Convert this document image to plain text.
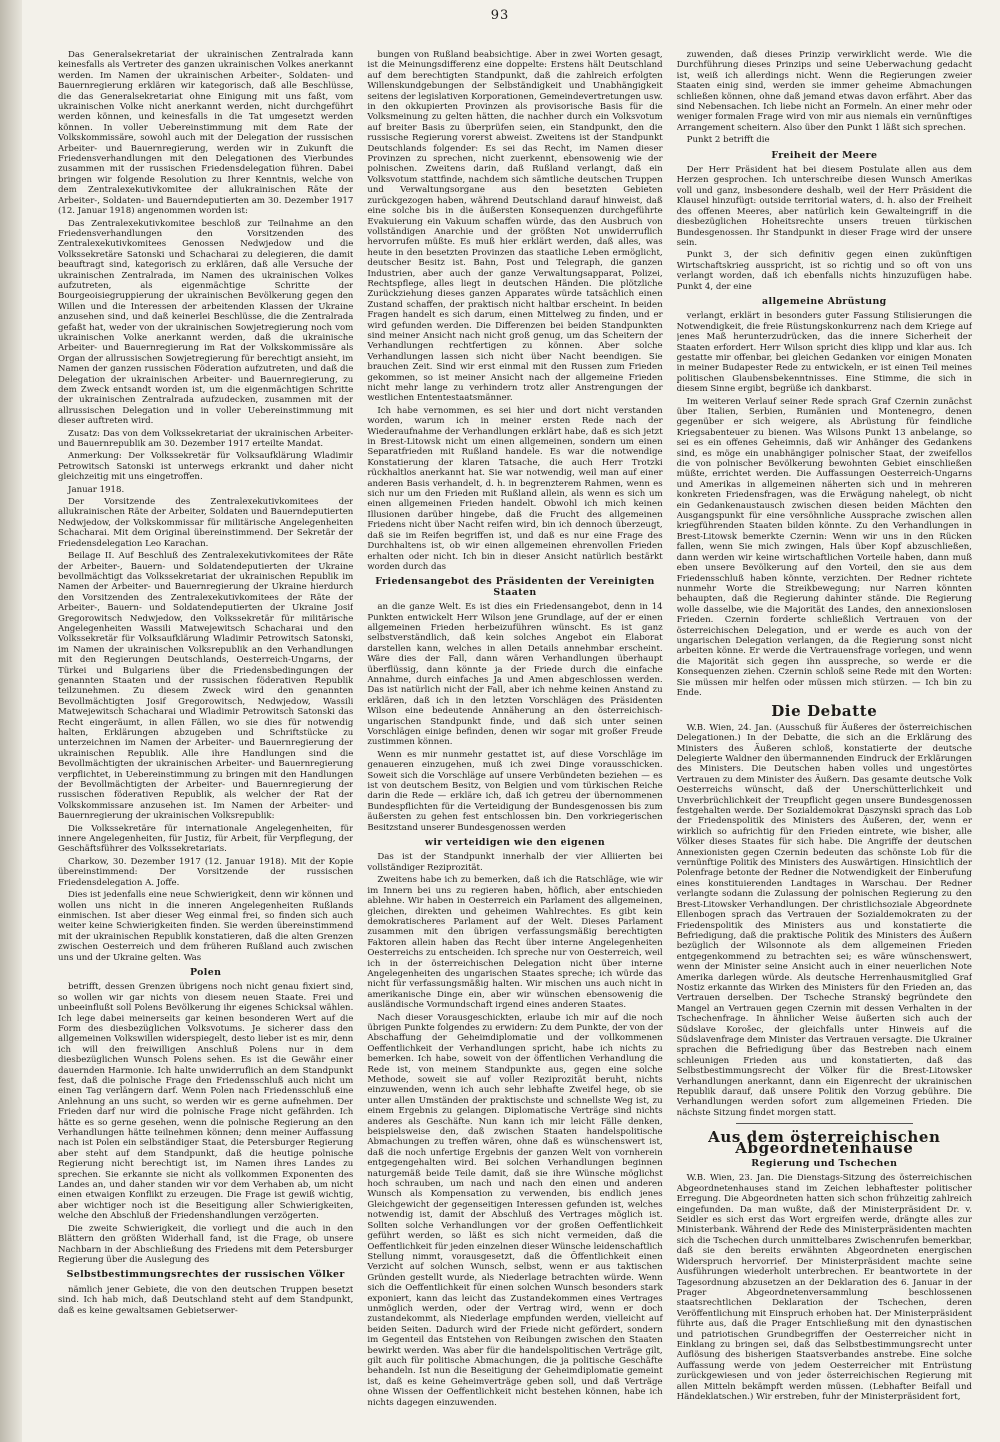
93

Das Generalsekretariat der ukrainischen Zentralrada kann keinesfalls als Vertreter des ganzen ukrainischen Volkes anerkannt werden. Im Namen der ukrainischen Arbeiter-, Soldaten- und Bauernregierung erklären wir kategorisch, daß alle Beschlüsse, die das Generalsekretariat ohne Einigung mit uns faßt, vom ukrainischen Volke nicht anerkannt werden, nicht durchgeführt werden können, und keinesfalls in die Tat umgesetzt werden können. In voller Uebereinstimmung mit dem Rate der Volkskommissäre, sowohl auch mit der Delegation der russischen Arbeiter- und Bauernregierung, werden wir in Zukunft die Friedensverhandlungen mit den Delegationen des Vierbundes zusammen mit der russischen Friedensdelegation führen. Dabei bringen wir folgende Resolution zu Ihrer Kenntnis, welche von dem Zentralexekutivkomitee der allukrainischen Räte der Arbeiter-, Soldaten- und Bauerndeputierten am 30. Dezember 1917 (12. Januar 1918) angenommen worden ist:

Das Zentralexekutivkomitee beschloß zur Teilnahme an den Friedensverhandlungen den Vorsitzenden des Zentralexekutivkomitees Genossen Nedwjedow und die Volkssekretäre Satonski und Schacharai zu delegieren, die damit beauftragt sind, kategorisch zu erklären, daß alle Versuche der ukrainischen Zentralrada, im Namen des ukrainischen Volkes aufzutreten, als eigenmächtige Schritte der Bourgeoisiegruppierung der ukrainischen Bevölkerung gegen den Willen und die Interessen der arbeitenden Klassen der Ukraine anzusehen sind, und daß keinerlei Beschlüsse, die die Zentralrada gefaßt hat, weder von der ukrainischen Sowjetregierung noch vom ukrainischen Volke anerkannt werden, daß die ukrainische Arbeiter- und Bauernregierung im Rat der Volkskommissäre als Organ der allrussischen Sowjetregierung für berechtigt ansieht, im Namen der ganzen russischen Föderation aufzutreten, und daß die Delegation der ukrainischen Arbeiter- und Bauernregierung, zu dem Zweck entsandt worden ist, um die eigenmächtigen Schritte der ukrainischen Zentralrada aufzudecken, zusammen mit der allrussischen Delegation und in voller Uebereinstimmung mit dieser auftreten wird.

Zusatz: Das von dem Volkssekretariat der ukrainischen Arbeiter- und Bauernrepublik am 30. Dezember 1917 erteilte Mandat.

Anmerkung: Der Volkssekretär für Volksaufklärung Wladimir Petrowitsch Satonski ist unterwegs erkrankt und daher nicht gleichzeitig mit uns eingetroffen.

Januar 1918.

Der Vorsitzende des Zentralexekutivkomitees der allukrainischen Räte der Arbeiter, Soldaten und Bauerndeputierten Nedwjedow, der Volkskommissar für militärische Angelegenheiten Schacharai. Mit dem Original übereinstimmend. Der Sekretär der Friedensdelegation Leo Karachan.

Beilage II. Auf Beschluß des Zentralexekutivkomitees der Räte der Arbeiter-, Bauern- und Soldatendeputierten der Ukraine bevollmächtigt das Volkssekretariat der ukrainischen Republik im Namen der Arbeiter- und Bauernregierung der Ukraine hierdurch den Vorsitzenden des Zentralexekutivkomitees der Räte der Arbeiter-, Bauern- und Soldatendeputierten der Ukraine Josif Gregorowitsch Nedwjedow, den Volkssekretär für militärische Angelegenheiten Wassili Matwejewitsch Schacharai und den Volkssekretär für Volksaufklärung Wladimir Petrowitsch Satonski, im Namen der ukrainischen Volksrepublik an den Verhandlungen mit den Regierungen Deutschlands, Oesterreich-Ungarns, der Türkei und Bulgariens über die Friedensbedingungen der genannten Staaten und der russischen föderativen Republik teilzunehmen. Zu diesem Zweck wird den genannten Bevollmächtigten Josif Gregorowitsch, Nedwjedow, Wassili Matwejewitsch Schacharai und Wladimir Petrowitsch Satonski das Recht eingeräumt, in allen Fällen, wo sie dies für notwendig halten, Erklärungen abzugeben und Schriftstücke zu unterzeichnen im Namen der Arbeiter- und Bauernregierung der ukrainischen Republik. Alle ihre Handlungen sind die Bevollmächtigten der ukrainischen Arbeiter- und Bauernregierung verpflichtet, in Uebereinstimmung zu bringen mit den Handlungen der Bevollmächtigten der Arbeiter- und Bauernregierung der russischen föderativen Republik, als welcher der Rat der Volkskommissare anzusehen ist. Im Namen der Arbeiter- und Bauernregierung der ukrainischen Volksrepublik:

Die Volkssekretäre für internationale Angelegenheiten, für innere Angelegenheiten, für Justiz, für Arbeit, für Verpflegung, der Geschäftsführer des Volkssekretariats.

Charkow, 30. Dezember 1917 (12. Januar 1918). Mit der Kopie übereinstimmend: Der Vorsitzende der russischen Friedensdelegation A. Joffe.

Dies ist jedenfalls eine neue Schwierigkeit, denn wir können und wollen uns nicht in die inneren Angelegenheiten Rußlands einmischen. Ist aber dieser Weg einmal frei, so finden sich auch weiter keine Schwierigkeiten finden. Sie werden übereinstimmend mit der ukrainischen Republik konstatieren, daß die alten Grenzen zwischen Oesterreich und dem früheren Rußland auch zwischen uns und der Ukraine gelten. Was

Polen

betrifft, dessen Grenzen übrigens noch nicht genau fixiert sind, so wollen wir gar nichts von diesem neuen Staate. Frei und unbeeinflußt soll Polens Bevölkerung ihr eigenes Schicksal wählen. Ich lege dabei meinerseits gar keinen besonderen Wert auf die Form des diesbezüglichen Volksvotums. Je sicherer dass den allgemeinen Volkswillen widerspiegelt, desto lieber ist es mir, denn ich will den freiwilligen Anschluß Polens nur in dem diesbezüglichen Wunsch Polens sehen. Es ist die Gewähr einer dauernden Harmonie. Ich halte unwiderruflich an dem Standpunkt fest, daß die polnische Frage den Friedensschluß auch nicht um einen Tag verlängern darf. Wenn Polen nach Friedensschluß eine Anlehnung an uns sucht, so werden wir es gerne aufnehmen. Der Frieden darf nur wird die polnische Frage nicht gefährden. Ich hätte es so gerne gesehen, wenn die polnische Regierung an den Verhandlungen hätte teilnehmen können; denn meiner Auffassung nach ist Polen ein selbständiger Staat, die Petersburger Regierung aber steht auf dem Standpunkt, daß die heutige polnische Regierung nicht berechtigt ist, im Namen ihres Landes zu sprechen. Sie erkannte sie nicht als vollkommen Exponenten des Landes an, und daher standen wir vor dem Verhaben ab, um nicht einen etwaigen Konflikt zu erzeugen. Die Frage ist gewiß wichtig, aber wichtiger noch ist die Beseitigung aller Schwierigkeiten, welche den Abschluß der Friedenshandlungen verzögerten.

Die zweite Schwierigkeit, die vorliegt und die auch in den Blättern den größten Widerhall fand, ist die Frage, ob unsere Nachbarn in der Abschließung des Friedens mit dem Petersburger Regierung über die Auslegung des

Selbstbestimmungsrechtes der russischen Völker

nämlich jener Gebiete, die von den deutschen Truppen besetzt sind. Ich hab mich, daß Deutschland steht auf dem Standpunkt, daß es keine gewaltsamen Gebietserwer-

bungen von Rußland beabsichtige. Aber in zwei Worten gesagt, ist die Meinungsdifferenz eine doppelte: Erstens hält Deutschland auf dem berechtigten Standpunkt, daß die zahlreich erfolgten Willenskundgebungen der Selbständigkeit und Unabhängigkeit seitens der legislativen Korporationen, Gemeindevertretungen usw. in den okkupierten Provinzen als provisorische Basis für die Volksmeinung zu gelten hätten, die nachher durch ein Volksvotum auf breiter Basis zu überprüfen seien, ein Standpunkt, den die russische Regierung vorerst abweist. Zweitens ist der Standpunkt Deutschlands folgender: Es sei das Recht, im Namen dieser Provinzen zu sprechen, nicht zuerkennt, ebensowenig wie der polnischen. Zweitens darin, daß Rußland verlangt, daß ein Volksvotum stattfinde, nachdem sich sämtliche deutschen Truppen und Verwaltungsorgane aus den besetzten Gebieten zurückgezogen haben, während Deutschland darauf hinweist, daß eine solche bis in die äußersten Konsequenzen durchgeführte Evakuierung ein Vakuum schaffen würde, das den Ausbruch von vollständigen Anarchie und der größten Not unwiderruflich hervorrufen müßte. Es muß hier erklärt werden, daß alles, was heute in den besetzten Provinzen das staatliche Leben ermöglicht, deutscher Besitz ist. Bahn, Post und Telegraph, die ganzen Industrien, aber auch der ganze Verwaltungsapparat, Polizei, Rechtspflege, alles liegt in deutschen Händen. Die plötzliche Zurückziehung dieses ganzen Apparates würde tatsächlich einen Zustand schaffen, der praktisch nicht haltbar erscheint. In beiden Fragen handelt es sich darum, einen Mittelweg zu finden, und er wird gefunden werden. Die Differenzen bei beiden Standpunkten sind meiner Ansicht nach nicht groß genug, um das Scheitern der Verhandlungen rechtfertigen zu können. Aber solche Verhandlungen lassen sich nicht über Nacht beendigen. Sie brauchen Zeit. Sind wir erst einmal mit den Russen zum Frieden gekommen, so ist meiner Ansicht nach der allgemeine Frieden nicht mehr lange zu verhindern trotz aller Anstrengungen der westlichen Ententestaatsmänner.

Ich habe vernommen, es sei hier und dort nicht verstanden worden, warum ich in meiner ersten Rede nach der Wiederaufnahme der Verhandlungen erklärt habe, daß es sich jetzt in Brest-Litowsk nicht um einen allgemeinen, sondern um einen Separatfrieden mit Rußland handele. Es war die notwendige Konstatierung der klaren Tatsache, die auch Herr Trotzki rückhaltlos anerkannt hat. Sie war notwendig, weil man auf einer anderen Basis verhandelt, d. h. in begrenzterem Rahmen, wenn es sich nur um den Frieden mit Rußland allein, als wenn es sich um einen allgemeinen Frieden handelt. Obwohl ich mich keinen Illusionen darüber hingebe, daß die Frucht des allgemeinen Friedens nicht über Nacht reifen wird, bin ich dennoch überzeugt, daß sie im Reifen begriffen ist, und daß es nur eine Frage des Durchhaltens ist, ob wir einen allgemeinen ehrenvollen Frieden erhalten oder nicht. Ich bin in dieser Ansicht natürlich bestärkt worden durch das

Friedensangebot des Präsidenten der Vereinigten Staaten

an die ganze Welt. Es ist dies ein Friedensangebot, denn in 14 Punkten entwickelt Herr Wilson jene Grundlage, auf der er einen allgemeinen Frieden herbeizuführen wünscht. Es ist ganz selbstverständlich, daß kein solches Angebot ein Elaborat darstellen kann, welches in allen Details annehmbar erscheint. Wäre dies der Fall, dann wären Verhandlungen überhaupt überflüssig, dann könnte ja der Friede durch die einfache Annahme, durch einfaches Ja und Amen abgeschlossen werden. Das ist natürlich nicht der Fall, aber ich nehme keinen Anstand zu erklären, daß ich in den letzten Vorschlägen des Präsidenten Wilson eine bedeutende Annäherung an den österreichisch-ungarischen Standpunkt finde, und daß sich unter seinen Vorschlägen einige befinden, denen wir sogar mit großer Freude zustimmen können.

Wenn es mir nunmehr gestattet ist, auf diese Vorschläge im genaueren einzugehen, muß ich zwei Dinge vorausschicken. Soweit sich die Vorschläge auf unsere Verbündeten beziehen — es ist von deutschem Besitz, von Belgien und vom türkischen Reiche darin die Rede — erkläre ich, daß ich getreu der übernommenen Bundespflichten für die Verteidigung der Bundesgenossen bis zum äußersten zu gehen fest entschlossen bin. Den vorkriegerischen Besitzstand unserer Bundesgenossen werden

wir verteidigen wie den eigenen

Das ist der Standpunkt innerhalb der vier Alliierten bei vollständiger Reziprozität.

Zweitens habe ich zu bemerken, daß ich die Ratschläge, wie wir im Innern bei uns zu regieren haben, höflich, aber entschieden ablehne. Wir haben in Oesterreich ein Parlament des allgemeinen, gleichen, direkten und geheimen Wahlrechtes. Es gibt kein demokratischeres Parlament auf der Welt. Dieses Parlament zusammen mit den übrigen verfassungsmäßig berechtigten Faktoren allein haben das Recht über interne Angelegenheiten Oesterreichs zu entscheiden. Ich spreche nur von Oesterreich, weil ich in der österreichischen Delegation nicht über interne Angelegenheiten des ungarischen Staates spreche; ich würde das nicht für verfassungsmäßig halten. Wir mischen uns auch nicht in amerikanische Dinge ein, aber wir wünschen ebensowenig die ausländische Vormundschaft irgend eines anderen Staates.

Nach dieser Vorausgeschickten, erlaube ich mir auf die noch übrigen Punkte folgendes zu erwidern: Zu dem Punkte, der von der Abschaffung der Geheimdiplomatie und der vollkommenen Oeffentlichkeit der Verhandlungen spricht, habe ich nichts zu bemerken. Ich habe, soweit von der öffentlichen Verhandlung die Rede ist, von meinem Standpunkte aus, gegen eine solche Methode, soweit sie auf voller Reziprozität beruht, nichts einzuwenden, wenn ich auch sehr lebhafte Zweifel hege, ob sie unter allen Umständen der praktischste und schnellste Weg ist, zu einem Ergebnis zu gelangen. Diplomatische Verträge sind nichts anderes als Geschäfte. Nun kann ich mir leicht Fälle denken, beispielsweise den, daß zwischen Staaten handelspolitische Abmachungen zu treffen wären, ohne daß es wünschenswert ist, daß die noch unfertige Ergebnis der ganzen Welt von vornherein entgegengehalten wird. Bei solchen Verhandlungen beginnen naturgemäß beide Teile damit, daß sie ihre Wünsche möglichst hoch schrauben, um nach und nach den einen und anderen Wunsch als Kompensation zu verwenden, bis endlich jenes Gleichgewicht der gegenseitigen Interessen gefunden ist, welches notwendig ist, damit der Abschluß des Vertrages möglich ist. Sollten solche Verhandlungen vor der großen Oeffentlichkeit geführt werden, so läßt es sich nicht vermeiden, daß die Oeffentlichkeit für jeden einzelnen dieser Wünsche leidenschaftlich Stellung nimmt, vorausgesetzt, daß die Öffentlichkeit einen Verzicht auf solchen Wunsch, selbst, wenn er aus taktischen Gründen gestellt wurde, als Niederlage betrachten würde. Wenn sich die Oeffentlichkeit für einen solchen Wunsch besonders stark exponiert, kann das leicht das Zustandekommen eines Vertrages unmöglich werden, oder der Vertrag wird, wenn er doch zustandekommt, als Niederlage empfunden werden, vielleicht auf beiden Seiten. Dadurch wird der Friede nicht gefördert, sondern im Gegenteil das Entstehen von Reibungen zwischen den Staaten bewirkt werden. Was aber für die handelspolitischen Verträge gilt, gilt auch für politische Abmachungen, die ja politische Geschäfte behandeln. Ist nun die Beseitigung der Geheimdiplomatie gemeint ist, daß es keine Geheimverträge geben soll, und daß Verträge ohne Wissen der Oeffentlichkeit nicht bestehen können, habe ich nichts dagegen einzuwenden.

zuwenden, daß dieses Prinzip verwirklicht werde. Wie die Durchführung dieses Prinzips und seine Ueberwachung gedacht ist, weiß ich allerdings nicht. Wenn die Regierungen zweier Staaten einig sind, werden sie immer geheime Abmachungen schließen können, ohne daß jemand etwas davon erfährt. Aber das sind Nebensachen. Ich liebe nicht an Formeln. An einer mehr oder weniger formalen Frage wird von mir aus niemals ein vernünftiges Arrangement scheitern. Also über den Punkt 1 läßt sich sprechen.

Punkt 2 betrifft die

Freiheit der Meere

Der Herr Präsident hat bei diesem Postulate allen aus dem Herzen gesprochen. Ich unterschreibe diesen Wunsch Amerikas voll und ganz, insbesondere deshalb, weil der Herr Präsident die Klausel hinzufügt: outside territorial waters, d. h. also der Freiheit des offenen Meeres, aber natürlich kein Gewalteingriff in die diesbezüglichen Hoheitsrechte unsers treuen türkischen Bundesgenossen. Ihr Standpunkt in dieser Frage wird der unsere sein.

Punkt 3, der sich definitiv gegen einen zukünftigen Wirtschaftskrieg ausspricht, ist so richtig und so oft von uns verlangt worden, daß ich ebenfalls nichts hinzuzufügen habe. Punkt 4, der eine

allgemeine Abrüstung

verlangt, erklärt in besonders guter Fassung Stilisierungen die Notwendigkeit, die freie Rüstungskonkurrenz nach dem Kriege auf jenes Maß herunterzudrücken, das die innere Sicherheit der Staaten erfordert. Herr Wilson spricht dies klipp und klar aus. Ich gestatte mir offenbar, bei gleichen Gedanken vor einigen Monaten in meiner Budapester Rede zu entwickeln, er ist einen Teil meines politischen Glaubensbekenntnisses. Eine Stimme, die sich in diesem Sinne ergibt, begrüße ich dankbarst.

Im weiteren Verlauf seiner Rede sprach Graf Czernin zunächst über Italien, Serbien, Rumänien und Montenegro, denen gegenüber er sich weigere, als Abrüstung für feindliche Kriegsabenteuer zu bienen. Was Wilsons Punkt 13 anbelange, so sei es ein offenes Geheimnis, daß wir Anhänger des Gedankens sind, es möge ein unabhängiger polnischer Staat, der zweifellos die von polnischer Bevölkerung bewohnten Gebiet einschließen müßte, errichtet werden. Die Auffassungen Oesterreich-Ungarns und Amerikas in allgemeinen näherten sich und in mehreren konkreten Friedensfragen, was die Erwägung nahelegt, ob nicht ein Gedankenaustausch zwischen diesen beiden Mächten den Ausgangspunkt für eine versöhnliche Aussprache zwischen allen kriegführenden Staaten bilden könnte. Zu den Verhandlungen in Brest-Litowsk bemerkte Czernin: Wenn wir uns in den Rücken fallen, wenn Sie mich zwingen, Hals über Kopf abzuschließen, dann werden wir keine wirtschaftlichen Vorteile haben, dann muß eben unsere Bevölkerung auf den Vorteil, den sie aus dem Friedensschluß haben könnte, verzichten. Der Redner richtete nunmehr Worte die Streikbewegung; nur Narren könnten behaupten, daß die Regierung dahinter stände. Die Regierung wolle dasselbe, wie die Majorität des Landes, den annexionslosen Frieden. Czernin forderte schließlich Vertrauen von der österreichischen Delegation, und er werde es auch von der ungarischen Delegation verlangen, da die Regierung sonst nicht arbeiten könne. Er werde die Vertrauensfrage vorlegen, und wenn die Majorität sich gegen ihn ausspreche, so werde er die Konsequenzen ziehen. Czernin schloß seine Rede mit den Worten: Sie müssen mir helfen oder müssen mich stürzen. — Ich bin zu Ende.

Die Debatte

W.B. Wien, 24. Jan. (Ausschuß für Äußeres der österreichischen Delegationen.) In der Debatte, die sich an die Erklärung des Ministers des Äußeren schloß, konstatierte der deutsche Delegierte Waldner den übermannenden Eindruck der Erklärungen des Ministers. Die Deutschen haben volles und ungestörtes Vertrauen zu dem Minister des Äußern. Das gesamte deutsche Volk Oesterreichs wünscht, daß der Unerschütterlichkeit und Unverbrüchlichkeit der Treupflicht gegen unsere Bundesgenossen festgehalten werde. Der Sozialdemokrat Daszynski sprach das Lob der Friedenspolitik des Ministers des Äußeren, der, wenn er wirklich so aufrichtig für den Frieden eintrete, wie bisher, alle Völker dieses Staates für sich habe. Die Angriffe der deutschen Annexionisten gegen Czernin bedeuten das schönste Lob für die vernünftige Politik des Ministers des Auswärtigen. Hinsichtlich der Polenfrage betonte der Redner die Notwendigkeit der Einberufung eines konstituierenden Landtages in Warschau. Der Redner verlangte sodann die Zulassung der polnischen Regierung zu den Brest-Litowsker Verhandlungen. Der christlichsoziale Abgeordnete Ellenbogen sprach das Vertrauen der Sozialdemokraten zu der Friedenspolitik des Ministers aus und konstatierte die Befriedigung, daß die praktische Politik des Ministers des Äußern bezüglich der Wilsonnote als dem allgemeinen Frieden entgegenkommend zu betrachten sei; es wäre wünschenswert, wenn der Minister seine Ansicht auch in einer neuerlichen Note Amerika darlegen würde. Als deutsche Herrenhausmitglied Graf Nostiz erkannte das Wirken des Ministers für den Frieden an, das Vertrauen derselben. Der Tscheche Stranský begründete den Mangel an Vertrauen gegen Czernin mit dessen Verhalten in der Tschechenfrage. In ähnlicher Weise äußerten sich auch der Südslave Korošec, der gleichfalls unter Hinweis auf die Südslavenfrage dem Minister das Vertrauen versagte. Die Ukrainer sprachen die Befriedigung über das Bestreben nach einem schleunigen Frieden aus und konstatierten, daß das Selbstbestimmungsrecht der Völker für die Brest-Litowsker Verhandlungen anerkannt, dann ein Eigenrecht der ukrainischen Republik darauf, daß unsere Politik den Vorzug gebühre. Die Verhandlungen werden sofort zum allgemeinen Frieden. Die nächste Sitzung findet morgen statt.

Aus dem österreichischen Abgeordnetenhause
Regierung und Tschechen

W.B. Wien, 23. Jan. Die Dienstags-Sitzung des österreichischen Abgeordnetenhauses stand im Zeichen lebhaftester politischer Erregung. Die Abgeordneten hatten sich schon frühzeitig zahlreich eingefunden. Da man wußte, daß der Ministerpräsident Dr. v. Seidler es sich erst das Wort ergreifen werde, drängte alles zur Ministerbank. Während der Rede des Ministerpräsidenten machten sich die Tschechen durch unmittelbares Zwischenrufen bemerkbar, daß sie den bereits erwähnten Abgeordneten energischen Widerspruch hervorrief. Der Ministerpräsident machte seine Ausführungen wiederholt unterbrechen. Er beantwortete in der Tagesordnung abzusetzen an der Deklaration des 6. Januar in der Prager Abgeordnetenversammlung beschlossenen staatsrechtlichen Deklaration der Tschechen, deren Veröffentlichung mit Einspruch erhoben hat. Der Ministerpräsident führte aus, daß die Prager Entschließung mit den dynastischen und patriotischen Grundbegriffen der Oesterreicher nicht in Einklang zu bringen sei, daß das Selbstbestimmungsrecht unter Auflösung des bisherigen Staatsverbandes anstrebe. Eine solche Auffassung werde von jedem Oesterreicher mit Entrüstung zurückgewiesen und von jeder österreichischen Regierung mit allen Mitteln bekämpft werden müssen. (Lebhafter Beifall und Händeklatschen.) Wir erstreben, fuhr der Ministerpräsident fort,
